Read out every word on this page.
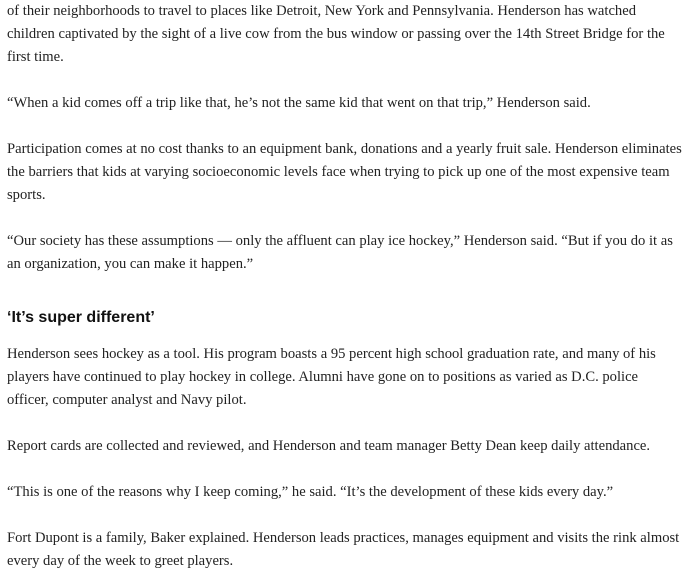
of their neighborhoods to travel to places like Detroit, New York and Pennsylvania. Henderson has watched children captivated by the sight of a live cow from the bus window or passing over the 14th Street Bridge for the first time.

“When a kid comes off a trip like that, he’s not the same kid that went on that trip,” Henderson said.

Participation comes at no cost thanks to an equipment bank, donations and a yearly fruit sale. Henderson eliminates the barriers that kids at varying socioeconomic levels face when trying to pick up one of the most expensive team sports.

“Our society has these assumptions — only the affluent can play ice hockey,” Henderson said. “But if you do it as an organization, you can make it happen.”

‘It’s super different’

Henderson sees hockey as a tool. His program boasts a 95 percent high school graduation rate, and many of his players have continued to play hockey in college. Alumni have gone on to positions as varied as D.C. police officer, computer analyst and Navy pilot.

Report cards are collected and reviewed, and Henderson and team manager Betty Dean keep daily attendance.

“This is one of the reasons why I keep coming,” he said. “It’s the development of these kids every day.”

Fort Dupont is a family, Baker explained. Henderson leads practices, manages equipment and visits the rink almost every day of the week to greet players.
